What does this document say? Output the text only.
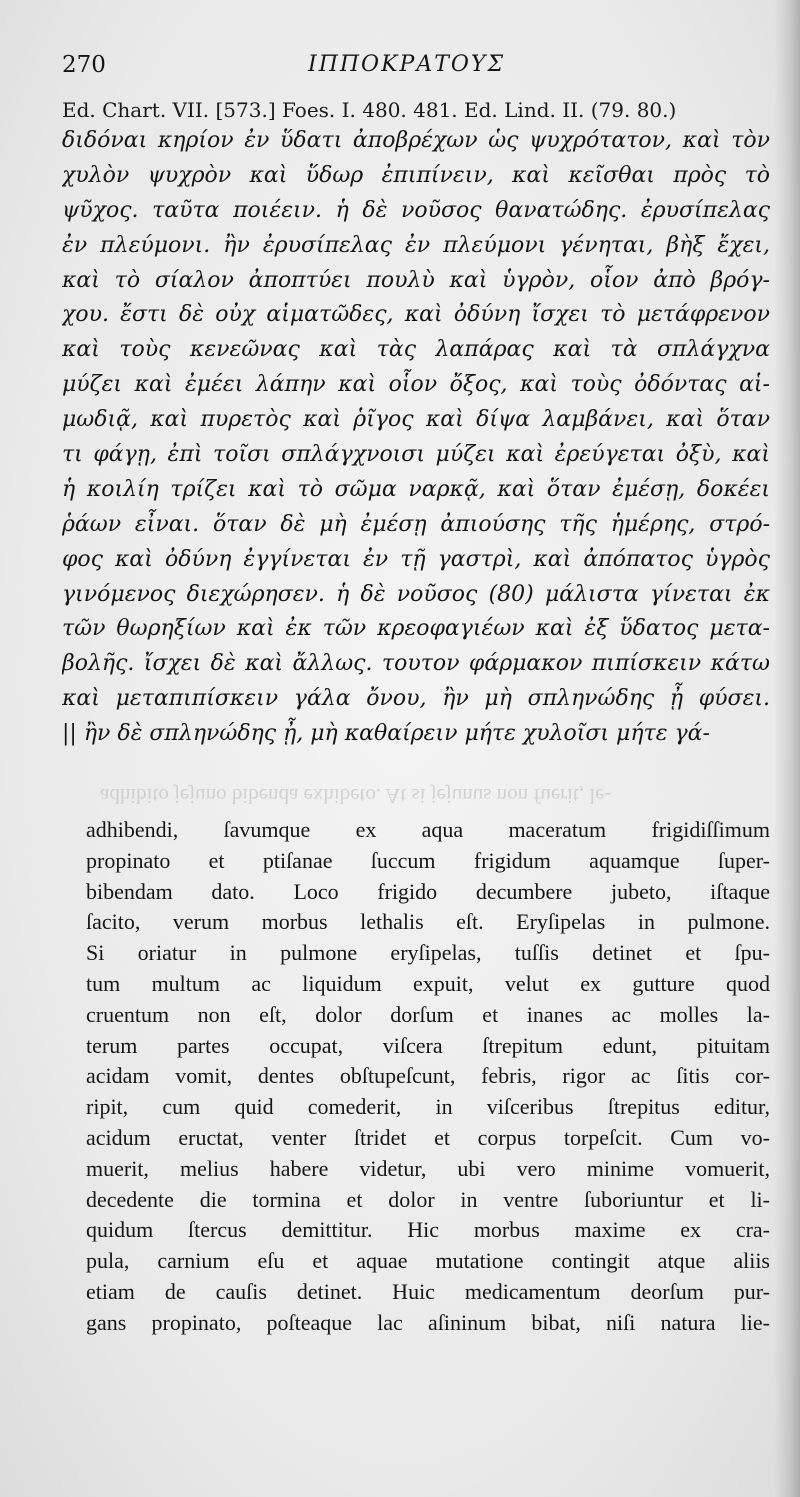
270	ΙΠΠΟΚΡΑΤΟΥΣ
Ed. Chart. VII. [573.] Foes. I. 480. 481. Ed. Lind. II. (79. 80.)
διδόναι κηρίον ἐν ὕδατι ἀποβρέχων ὡς ψυχρότατον, καὶ τὸν
χυλὸν ψυχρὸν καὶ ὕδωρ ἐπιπίνειν, καὶ κεῖσθαι πρὸς τὸ
ψῦχος. ταῦτα ποιέειν. ἡ δὲ νοῦσος θανατώδης. ἐρυσίπελας
ἐν πλεύμονι. ἢν ἐρυσίπελας ἐν πλεύμονι γένηται, βὴξ ἔχει,
καὶ τὸ σίαλον ἀποπτύει πουλὺ καὶ ὑγρὸν, οἷον ἀπὸ βρόγ-
χου. ἔστι δὲ οὐχ αἱματῶδες, καὶ ὀδύνη ἴσχει τὸ μετάφρενον
καὶ τοὺς κενεῶνας καὶ τὰς λαπάρας καὶ τὰ σπλάγχνα
μύζει καὶ ἐμέει λάπην καὶ οἷον ὄξος, καὶ τοὺς ὀδόντας αἱ-
μωδιᾷ, καὶ πυρετὸς καὶ ῥῖγος καὶ δίψα λαμβάνει, καὶ ὅταν
τι φάγῃ, ἐπὶ τοῖσι σπλάγχνοισι μύζει καὶ ἐρεύγεται ὀξὺ, καὶ
ἡ κοιλίη τρίζει καὶ τὸ σῶμα ναρκᾷ, καὶ ὅταν ἐμέσῃ, δοκέει
ῥάων εἶναι. ὅταν δὲ μὴ ἐμέσῃ ἀπιούσης τῆς ἡμέρης, στρό-
φος καὶ ὀδύνη ἐγγίνεται ἐν τῇ γαστρὶ, καὶ ἀπόπατος ὑγρὸς
γινόμενος διεχώρησεν. ἡ δὲ νοῦσος (80) μάλιστα γίνεται ἐκ
τῶν θωρηξίων καὶ ἐκ τῶν κρεοφαγιέων καὶ ἐξ ὕδατος μετα-
βολῆς. ἴσχει δὲ καὶ ἄλλως. τουτον φάρμακον πιπίσκειν κάτω
καὶ μεταπιπίσκειν γάλα ὄνου, ἢν μὴ σπληνώδης ᾖ φύσει.
|| ἢν δὲ σπληνώδης ᾖ, μὴ καθαίρειν μήτε χυλοῖσι μήτε γά-
adhibito jejuno bibenda exhibeto. At si jejunus non fuerit, le-
adhibendi, ſavumque ex aqua maceratum frigidiſſimum
propinato et ptiſanae ſuccum frigidum aquamque ſuper-
bibendam dato. Loco frigido decumbere jubeto, iſtaque
ſacito, verum morbus lethalis eſt. Eryſipelas in pulmone.
Si oriatur in pulmone eryſipelas, tuſſis detinet et ſpu-
tum multum ac liquidum expuit, velut ex gutture quod
cruentum non eſt, dolor dorſum et inanes ac molles la-
terum partes occupat, viſcera ſtrepitum edunt, pituitam
acidam vomit, dentes obſtupeſcunt, febris, rigor ac ſitis cor-
ripit, cum quid comederit, in viſceribus ſtrepitus editur,
acidum eructat, venter ſtridet et corpus torpeſcit. Cum vo-
muerit, melius habere videtur, ubi vero minime vomuerit,
decedente die tormina et dolor in ventre ſuboriuntur et li-
quidum ſtercus demittitur. Hic morbus maxime ex cra-
pula, carnium eſu et aquae mutatione contingit atque aliis
etiam de cauſis detinet. Huic medicamentum deorſum pur-
gans propinato, poſteaque lac aſininum bibat, niſi natura lie-
